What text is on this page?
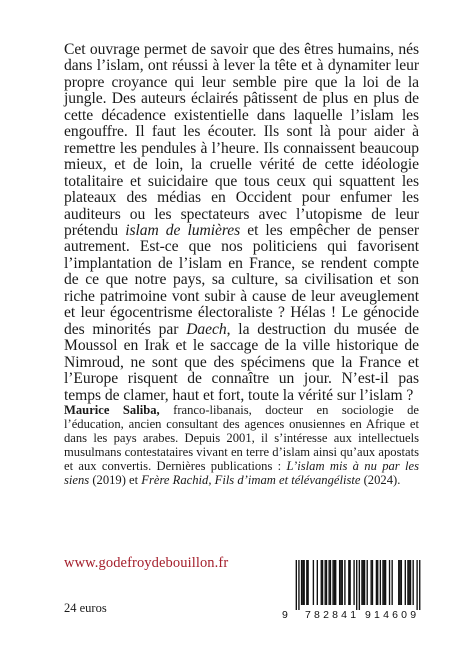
Cet ouvrage permet de savoir que des êtres humains, nés dans l’islam, ont réussi à lever la tête et à dynamiter leur propre croyance qui leur semble pire que la loi de la jungle. Des auteurs éclairés pâtissent de plus en plus de cette décadence existentielle dans laquelle l’islam les engouffre. Il faut les écouter. Ils sont là pour aider à remettre les pendules à l’heure. Ils connaissent beaucoup mieux, et de loin, la cruelle vérité de cette idéologie totalitaire et suicidaire que tous ceux qui squattent les plateaux des médias en Occident pour enfumer les auditeurs ou les spectateurs avec l’utopisme de leur prétendu islam de lumières et les empêcher de penser autrement. Est-ce que nos politiciens qui favorisent l’implantation de l’islam en France, se rendent compte de ce que notre pays, sa culture, sa civilisation et son riche patrimoine vont subir à cause de leur aveuglement et leur égocentrisme électoraliste ? Hélas ! Le génocide des minorités par Daech, la destruction du musée de Moussol en Irak et le saccage de la ville historique de Nimroud, ne sont que des spécimens que la France et l’Europe risquent de connaître un jour. N’est-il pas temps de clamer, haut et fort, toute la vérité sur l’islam ?

Maurice Saliba, franco-libanais, docteur en sociologie de l’éducation, ancien consultant des agences onusiennes en Afrique et dans les pays arabes. Depuis 2001, il s’intéresse aux intellectuels musulmans contestataires vivant en terre d’islam ainsi qu’aux apostats et aux convertis. Dernières publications : L’islam mis à nu par les siens (2019) et Frère Rachid, Fils d’imam et télévangéliste (2024).

www.godefroydebouillon.fr
24 euros	9 782841 914609
